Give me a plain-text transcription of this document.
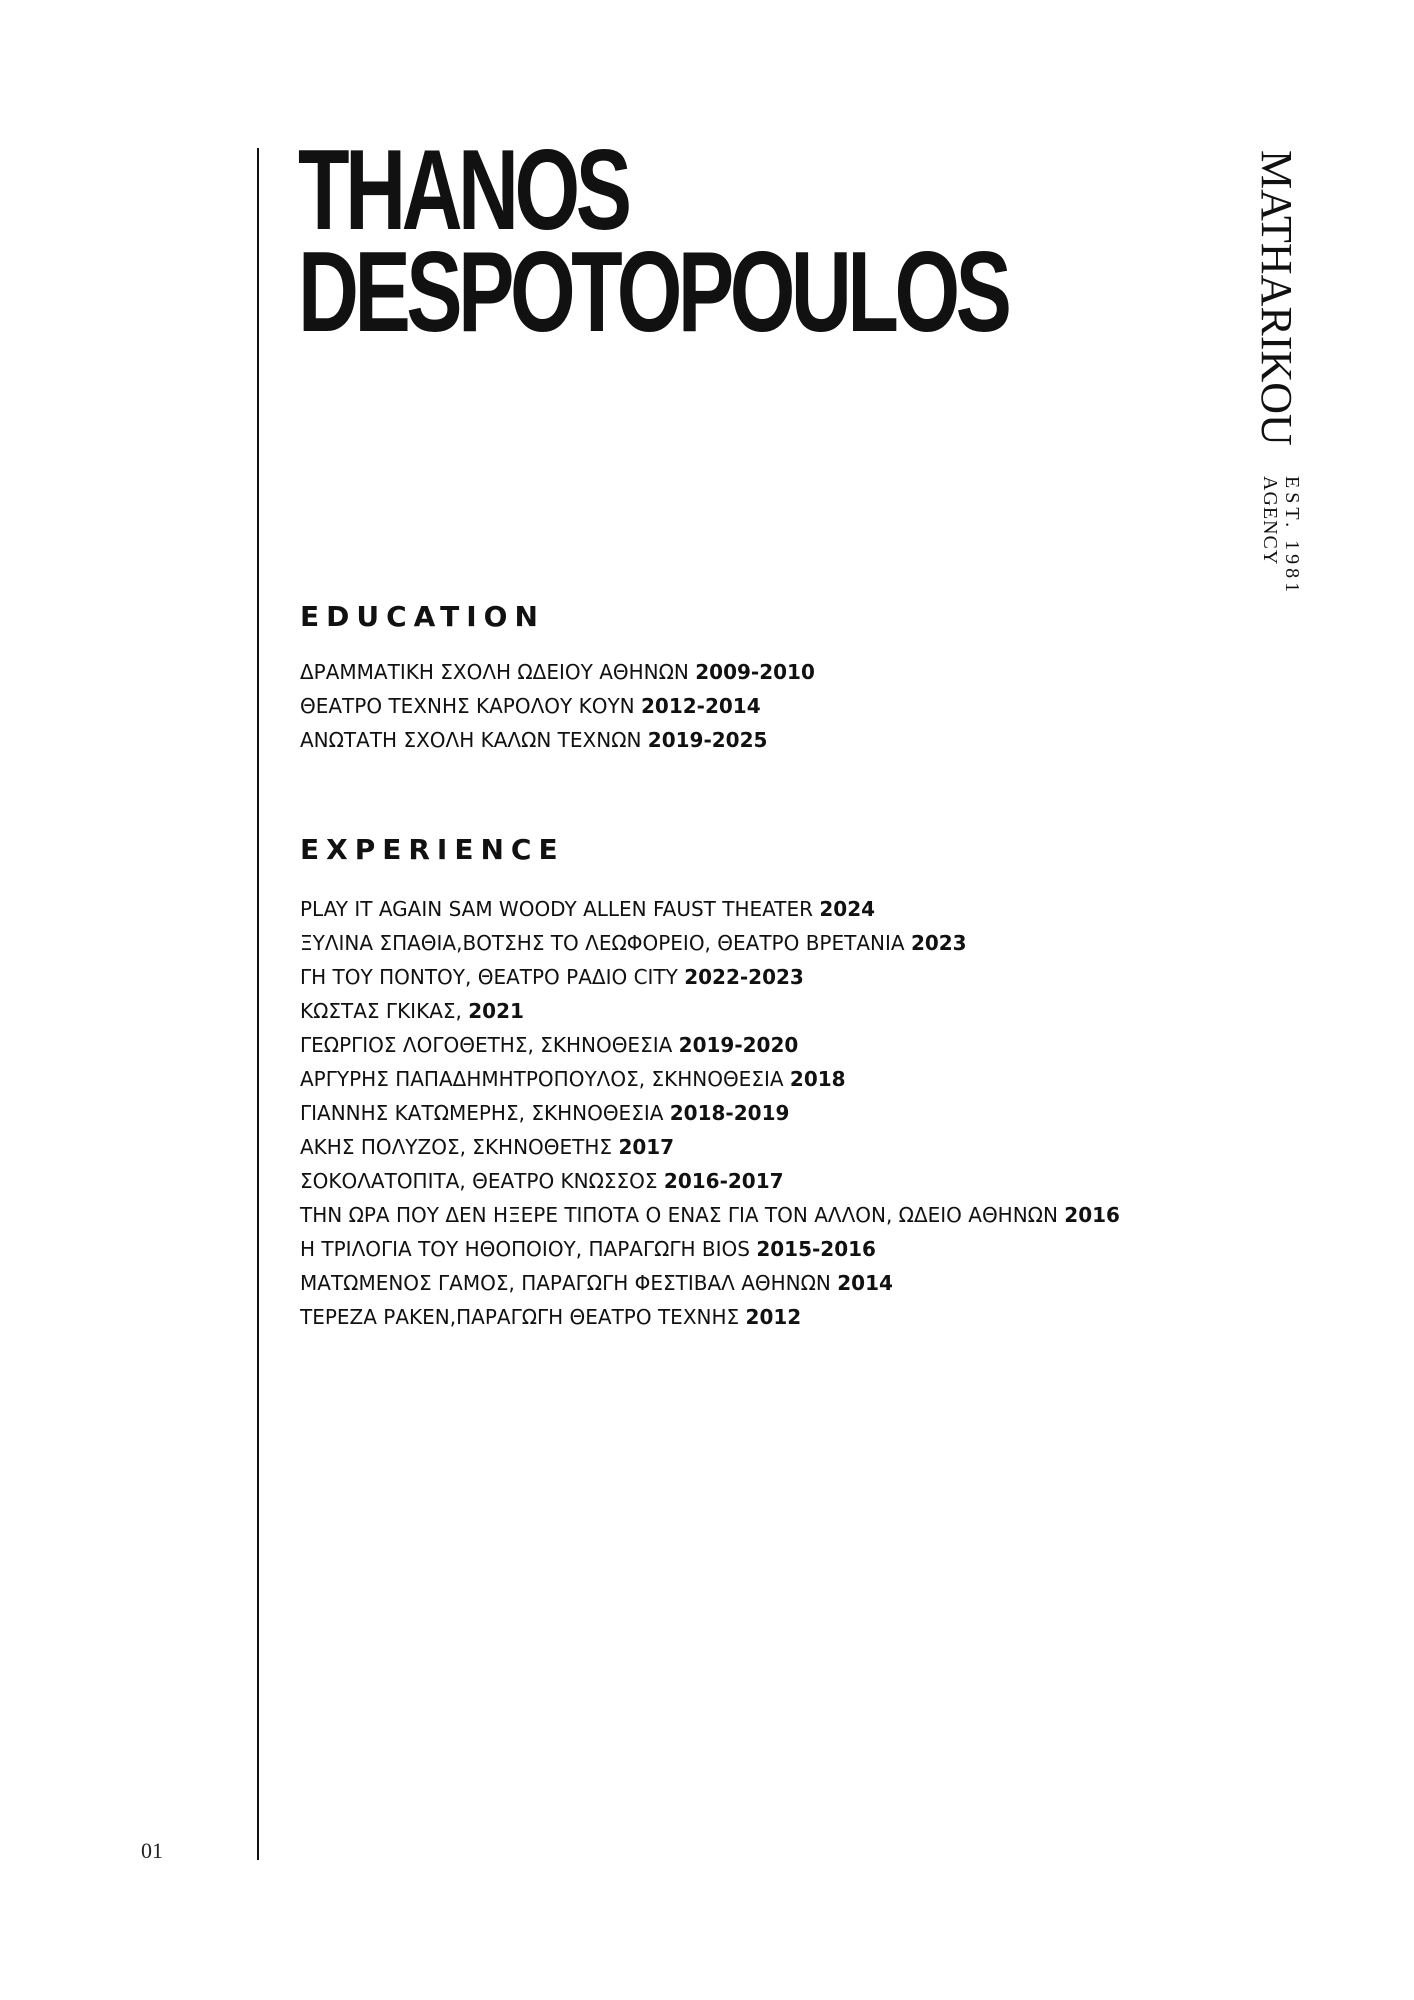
THANOS
DESPOTOPOULOS	MATHARIKOU
EST. 1981
AGENCY
EDUCATION
ΔΡΑΜΜΑΤΙΚΗ ΣΧΟΛΗ ΩΔΕΙΟΥ ΑΘΗΝΩΝ 2009-2010
ΘΕΑΤΡΟ ΤΕΧΝΗΣ ΚΑΡΟΛΟΥ ΚΟΥΝ 2012-2014
ΑΝΩΤΑΤΗ ΣΧΟΛΗ ΚΑΛΩΝ ΤΕΧΝΩΝ 2019-2025
EXPERIENCE
PLAY IT AGAIN SAM WOODY ALLEN FAUST THEATER 2024
ΞΥΛΙΝΑ ΣΠΑΘΙΑ,ΒΟΤΣΗΣ ΤΟ ΛΕΩΦΟΡΕΙΟ, ΘΕΑΤΡΟ ΒΡΕΤΑΝΙΑ 2023
ΓΗ ΤΟΥ ΠΟΝΤΟΥ, ΘΕΑΤΡΟ ΡΑΔΙΟ CITY 2022-2023
ΚΩΣΤΑΣ ΓΚΙΚΑΣ, 2021
ΓΕΩΡΓΙΟΣ ΛΟΓΟΘΕΤΗΣ, ΣΚΗΝΟΘΕΣΙΑ 2019-2020
ΑΡΓΥΡΗΣ ΠΑΠΑΔΗΜΗΤΡΟΠΟΥΛΟΣ, ΣΚΗΝΟΘΕΣΙΑ 2018
ΓΙΑΝΝΗΣ ΚΑΤΩΜΕΡΗΣ, ΣΚΗΝΟΘΕΣΙΑ 2018-2019
ΑΚΗΣ ΠΟΛΥΖΟΣ, ΣΚΗΝΟΘΕΤΗΣ 2017
ΣΟΚΟΛΑΤΟΠΙΤΑ, ΘΕΑΤΡΟ ΚΝΩΣΣΟΣ 2016-2017
ΤΗΝ ΩΡΑ ΠΟΥ ΔΕΝ ΗΞΕΡΕ ΤΙΠΟΤΑ Ο ΕΝΑΣ ΓΙΑ ΤΟΝ ΑΛΛΟΝ, ΩΔΕΙΟ ΑΘΗΝΩΝ 2016
Η ΤΡΙΛΟΓΙΑ ΤΟΥ ΗΘΟΠΟΙΟΥ, ΠΑΡΑΓΩΓΗ BIOS 2015-2016
ΜΑΤΩΜΕΝΟΣ ΓΑΜΟΣ, ΠΑΡΑΓΩΓΗ ΦΕΣΤΙΒΑΛ ΑΘΗΝΩΝ 2014
ΤΕΡΕΖΑ ΡΑΚΕΝ,ΠΑΡΑΓΩΓΗ ΘΕΑΤΡΟ ΤΕΧΝΗΣ 2012
01
